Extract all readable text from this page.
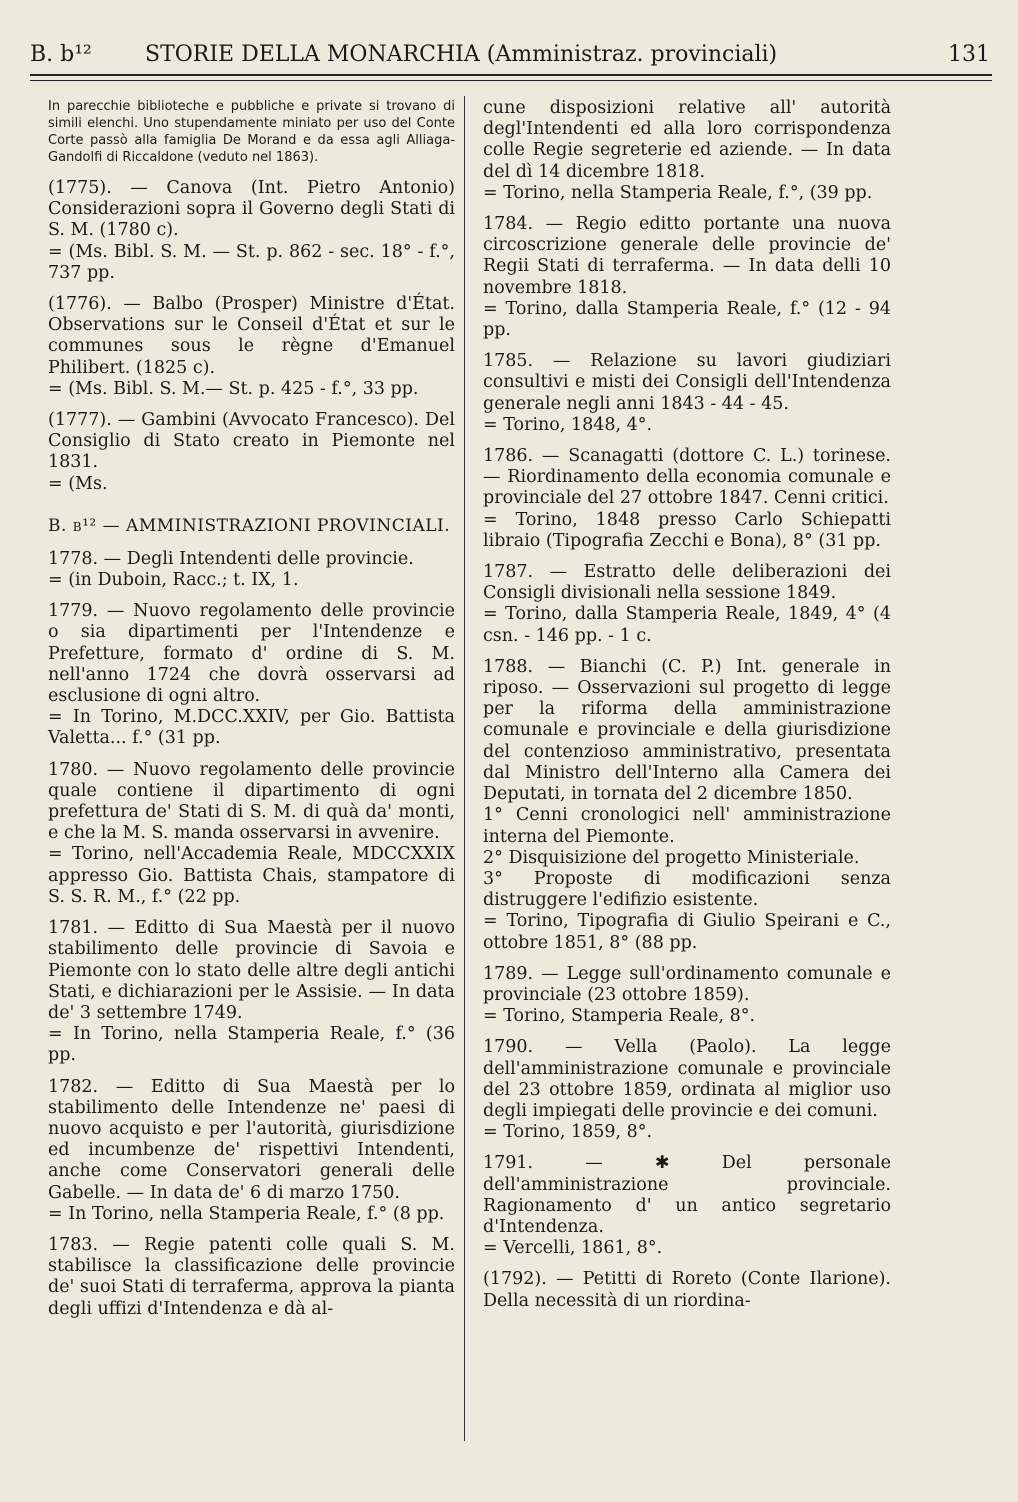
B. b¹² STORIE DELLA MONARCHIA (Amministraz. provinciali)	131

In parecchie biblioteche e pubbliche e private si trovano di simili elenchi. Uno stupendamente miniato per uso del Conte Corte passò alla famiglia De Morand e da essa agli Alliaga-Gandolfi di Riccaldone (veduto nel 1863).

(1775). — Canova (Int. Pietro Antonio) Considerazioni sopra il Governo degli Stati di S. M. (1780 c).

= (Ms. Bibl. S. M. — St. p. 862 - sec. 18° - f.°, 737 pp.

(1776). — Balbo (Prosper) Ministre d'État. Observations sur le Conseil d'État et sur le communes sous le règne d'Emanuel Philibert. (1825 c).

= (Ms. Bibl. S. M.— St. p. 425 - f.°, 33 pp.

(1777). — Gambini (Avvocato Francesco). Del Consiglio di Stato creato in Piemonte nel 1831.

= (Ms.
B. b¹² — AMMINISTRAZIONI PROVINCIALI.

1778. — Degli Intendenti delle provincie.

= (in Duboin, Racc.; t. IX, 1.

1779. — Nuovo regolamento delle provincie o sia dipartimenti per l'Intendenze e Prefetture, formato d' ordine di S. M. nell'anno 1724 che dovrà osservarsi ad esclusione di ogni altro.

= In Torino, M.DCC.XXIV, per Gio. Battista Valetta... f.° (31 pp.

1780. — Nuovo regolamento delle provincie quale contiene il dipartimento di ogni prefettura de' Stati di S. M. di quà da' monti, e che la M. S. manda osservarsi in avvenire.

= Torino, nell'Accademia Reale, MDCCXXIX appresso Gio. Battista Chais, stampatore di S. S. R. M., f.° (22 pp.

1781. — Editto di Sua Maestà per il nuovo stabilimento delle provincie di Savoia e Piemonte con lo stato delle altre degli antichi Stati, e dichiarazioni per le Assisie. — In data de' 3 settembre 1749.

= In Torino, nella Stamperia Reale, f.° (36 pp.

1782. — Editto di Sua Maestà per lo stabilimento delle Intendenze ne' paesi di nuovo acquisto e per l'autorità, giurisdizione ed incumbenze de' rispettivi Intendenti, anche come Conservatori generali delle Gabelle. — In data de' 6 di marzo 1750.

= In Torino, nella Stamperia Reale, f.° (8 pp.

1783. — Regie patenti colle quali S. M. stabilisce la classificazione delle provincie de' suoi Stati di terraferma, approva la pianta degli uffizi d'Intendenza e dà al-

cune disposizioni relative all' autorità degl'Intendenti ed alla loro corrispondenza colle Regie segreterie ed aziende. — In data del dì 14 dicembre 1818.

= Torino, nella Stamperia Reale, f.°, (39 pp.

1784. — Regio editto portante una nuova circoscrizione generale delle provincie de' Regii Stati di terraferma. — In data delli 10 novembre 1818.

= Torino, dalla Stamperia Reale, f.° (12 - 94 pp.

1785. — Relazione su lavori giudiziari consultivi e misti dei Consigli dell'Intendenza generale negli anni 1843 - 44 - 45.

= Torino, 1848, 4°.

1786. — Scanagatti (dottore C. L.) torinese. — Riordinamento della economia comunale e provinciale del 27 ottobre 1847. Cenni critici.

= Torino, 1848 presso Carlo Schiepatti libraio (Tipografia Zecchi e Bona), 8° (31 pp.

1787. — Estratto delle deliberazioni dei Consigli divisionali nella sessione 1849.

= Torino, dalla Stamperia Reale, 1849, 4° (4 csn. - 146 pp. - 1 c.

1788. — Bianchi (C. P.) Int. generale in riposo. — Osservazioni sul progetto di legge per la riforma della amministrazione comunale e provinciale e della giurisdizione del contenzioso amministrativo, presentata dal Ministro dell'Interno alla Camera dei Deputati, in tornata del 2 dicembre 1850.

1° Cenni cronologici nell' amministrazione interna del Piemonte.

2° Disquisizione del progetto Ministeriale.

3° Proposte di modificazioni senza distruggere l'edifizio esistente.

= Torino, Tipografia di Giulio Speirani e C., ottobre 1851, 8° (88 pp.

1789. — Legge sull'ordinamento comunale e provinciale (23 ottobre 1859).

= Torino, Stamperia Reale, 8°.

1790. — Vella (Paolo). La legge dell'amministrazione comunale e provinciale del 23 ottobre 1859, ordinata al miglior uso degli impiegati delle provincie e dei comuni.

= Torino, 1859, 8°.

1791. — ✱ Del personale dell'amministrazione provinciale. Ragionamento d' un antico segretario d'Intendenza.

= Vercelli, 1861, 8°.

(1792). — Petitti di Roreto (Conte Ilarione). Della necessità di un riordina-
